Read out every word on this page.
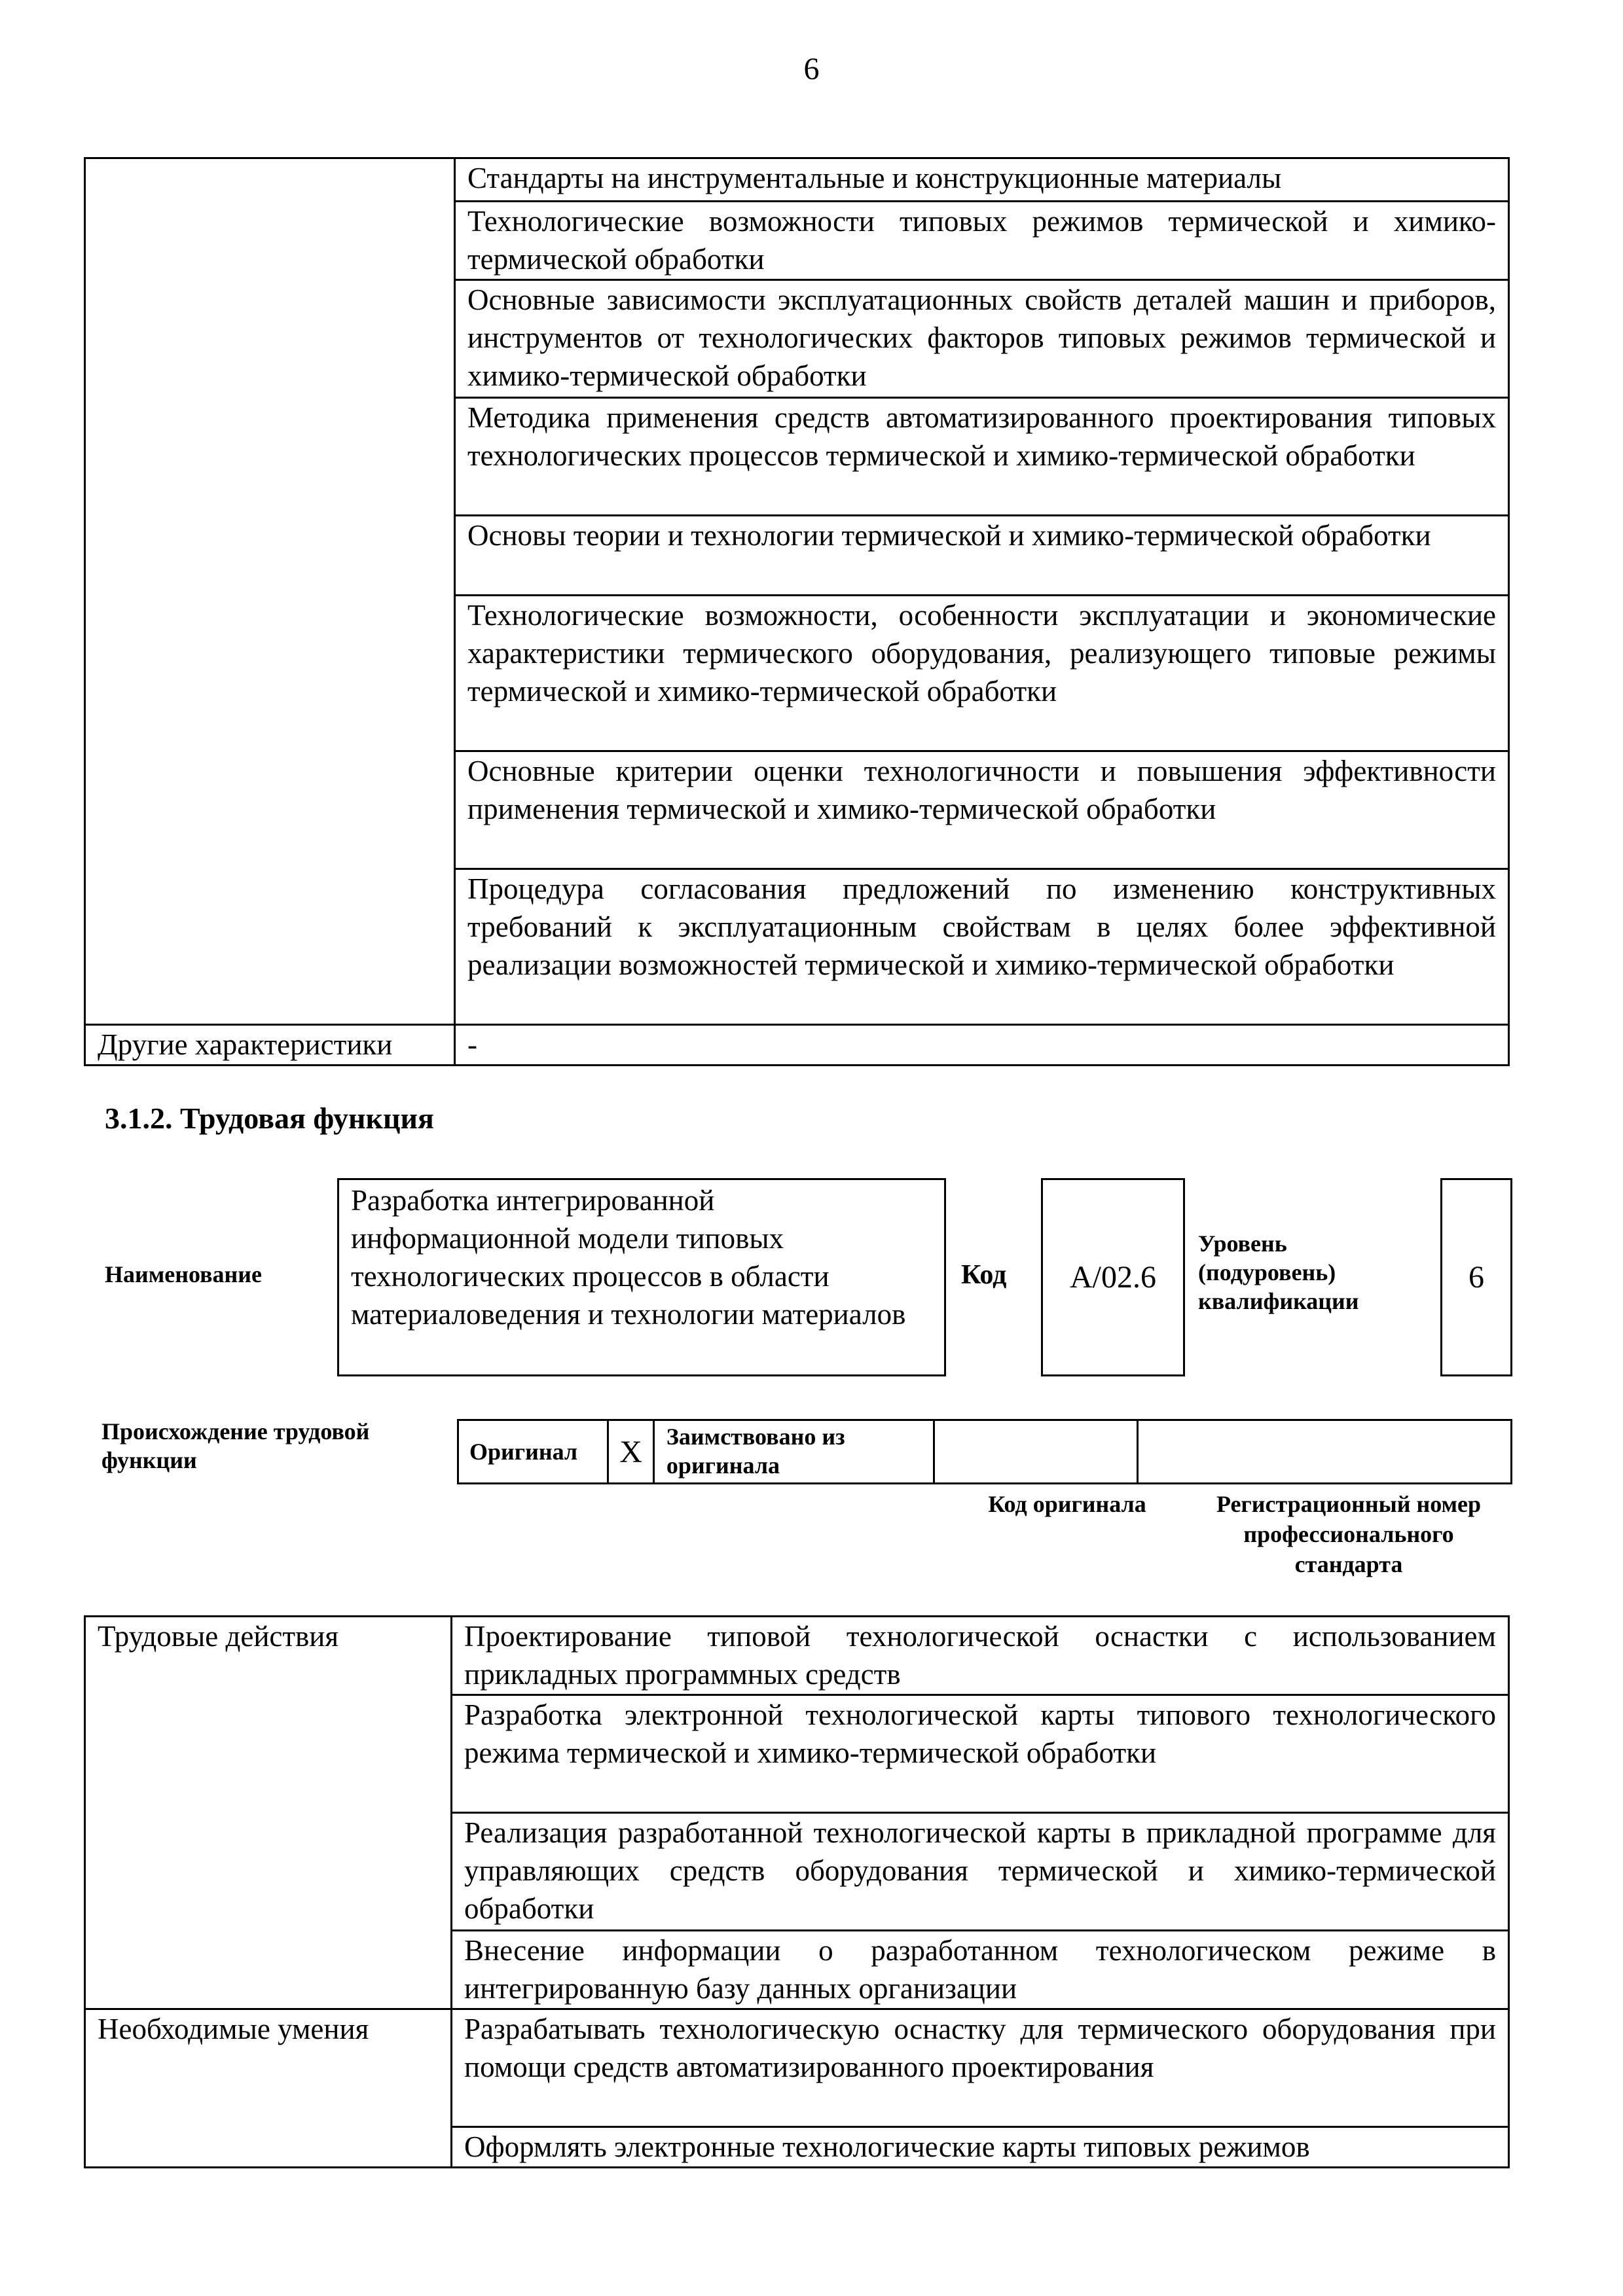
6
	Стандарты на инструментальные и конструкционные материалы
	Технологические возможности типовых режимов термической и химико-термической обработки
	Основные зависимости эксплуатационных свойств деталей машин и приборов, инструментов от технологических факторов типовых режимов термической и химико-термической обработки
	Методика применения средств автоматизированного проектирования типовых технологических процессов термической и химико-термической обработки
	Основы теории и технологии термической и химико-термической обработки
	Технологические возможности, особенности эксплуатации и экономические характеристики термического оборудования, реализующего типовые режимы термической и химико-термической обработки
	Основные критерии оценки технологичности и повышения эффективности применения термической и химико-термической обработки
	Процедура согласования предложений по изменению конструктивных требований к эксплуатационным свойствам в целях более эффективной реализации возможностей термической и химико-термической обработки
Другие характеристики	-
3.1.2. Трудовая функция
Наименование
Разработка интегрированной информационной модели типовых технологических процессов в области материаловедения и технологии материалов
Код	A/02.6
Уровень (подуровень) квалификации
6
Происхождение трудовой функции	Оригинал	X	Заимствовано из оригинала
Код оригинала	Регистрационный номер профессионального стандарта
Трудовые действия	Проектирование типовой технологической оснастки с использованием прикладных программных средств
	Разработка электронной технологической карты типового технологического режима термической и химико-термической обработки
	Реализация разработанной технологической карты в прикладной программе для управляющих средств оборудования термической и химико-термической обработки
	Внесение информации о разработанном технологическом режиме в интегрированную базу данных организации
Необходимые умения	Разрабатывать технологическую оснастку для термического оборудования при помощи средств автоматизированного проектирования
	Оформлять электронные технологические карты типовых режимов
